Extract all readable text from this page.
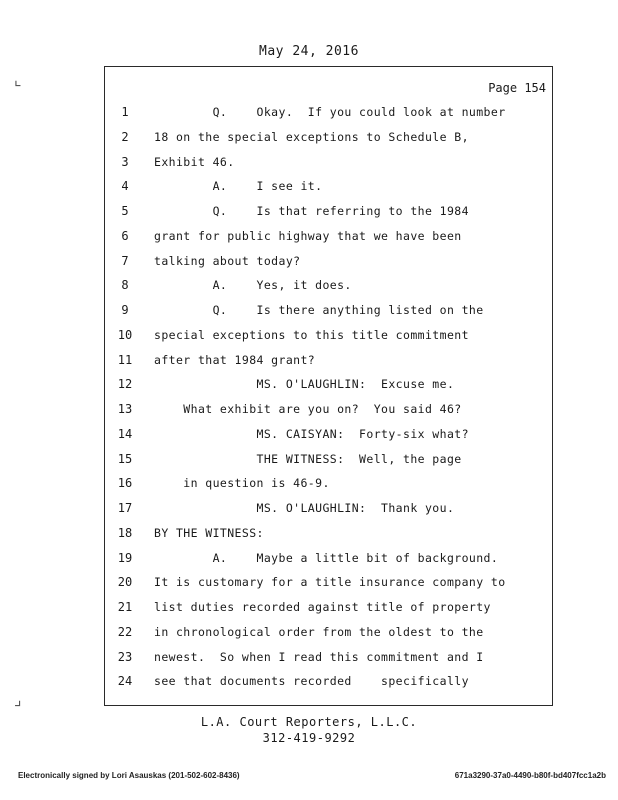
May 24, 2016
Page 154
1	Q.    Okay.  If you could look at number
2	18 on the special exceptions to Schedule B,
3	Exhibit 46.
4	A.    I see it.
5	Q.    Is that referring to the 1984
6	grant for public highway that we have been
7	talking about today?
8	A.    Yes, it does.
9	Q.    Is there anything listed on the
10	special exceptions to this title commitment
11	after that 1984 grant?
12	MS. O'LAUGHLIN:  Excuse me.
13	What exhibit are you on?  You said 46?
14	MS. CAISYAN:  Forty-six what?
15	THE WITNESS:  Well, the page
16	in question is 46-9.
17	MS. O'LAUGHLIN:  Thank you.
18	BY THE WITNESS:
19	A.    Maybe a little bit of background.
20	It is customary for a title insurance company to
21	list duties recorded against title of property
22	in chronological order from the oldest to the
23	newest.  So when I read this commitment and I
24	see that documents recorded    specifically
L.A. Court Reporters, L.L.C.
312-419-9292
Electronically signed by Lori Asauskas (201-502-602-8436)	671a3290-37a0-4490-b80f-bd407fcc1a2b
⌞
⌟
